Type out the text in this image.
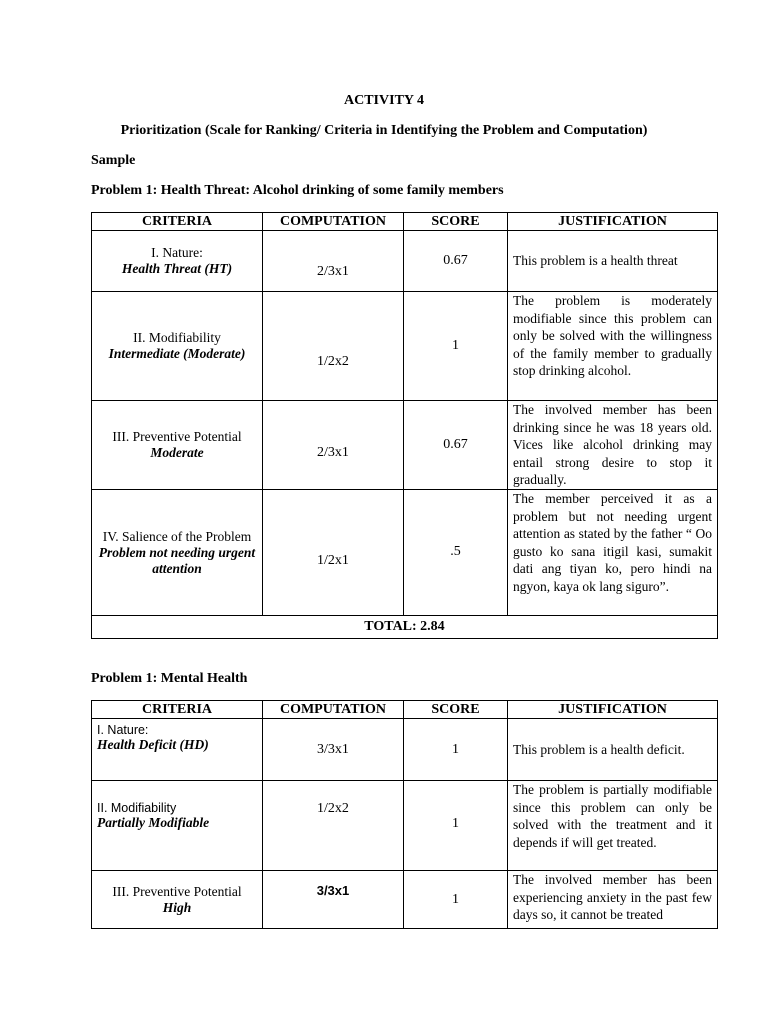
ACTIVITY 4
Prioritization (Scale for Ranking/ Criteria in Identifying the Problem and Computation)
Sample
Problem 1: Health Threat: Alcohol drinking of some family members
CRITERIA	COMPUTATION	SCORE	JUSTIFICATION

I. Nature:
Health Threat (HT)	2/3x1	0.67	This problem is a health threat

II. Modifiability
Intermediate (Moderate)	1/2x2	1	The problem is moderately modifiable since this problem can only be solved with the willingness of the family member to gradually stop drinking alcohol.

III. Preventive Potential
Moderate	2/3x1	0.67	The involved member has been drinking since he was 18 years old. Vices like alcohol drinking may entail strong desire to stop it gradually.

IV. Salience of the Problem
Problem not needing urgent attention	1/2x1	.5	The member perceived it as a problem but not needing urgent attention as stated by the father “ Oo gusto ko sana itigil kasi, sumakit dati ang tiyan ko, pero hindi na ngyon, kaya ok lang siguro”.
TOTAL: 2.84			
Problem 1: Mental Health
CRITERIA	COMPUTATION	SCORE	JUSTIFICATION

I. Nature:
Health Deficit (HD)	3/3x1	1	This problem is a health deficit.

II. Modifiability
Partially Modifiable	1/2x2	1	The problem is partially modifiable since this problem can only be solved with the treatment and it depends if will get treated.

III. Preventive Potential
High	3/3x1	1	The involved member has been experiencing anxiety in the past few days so, it cannot be treated
